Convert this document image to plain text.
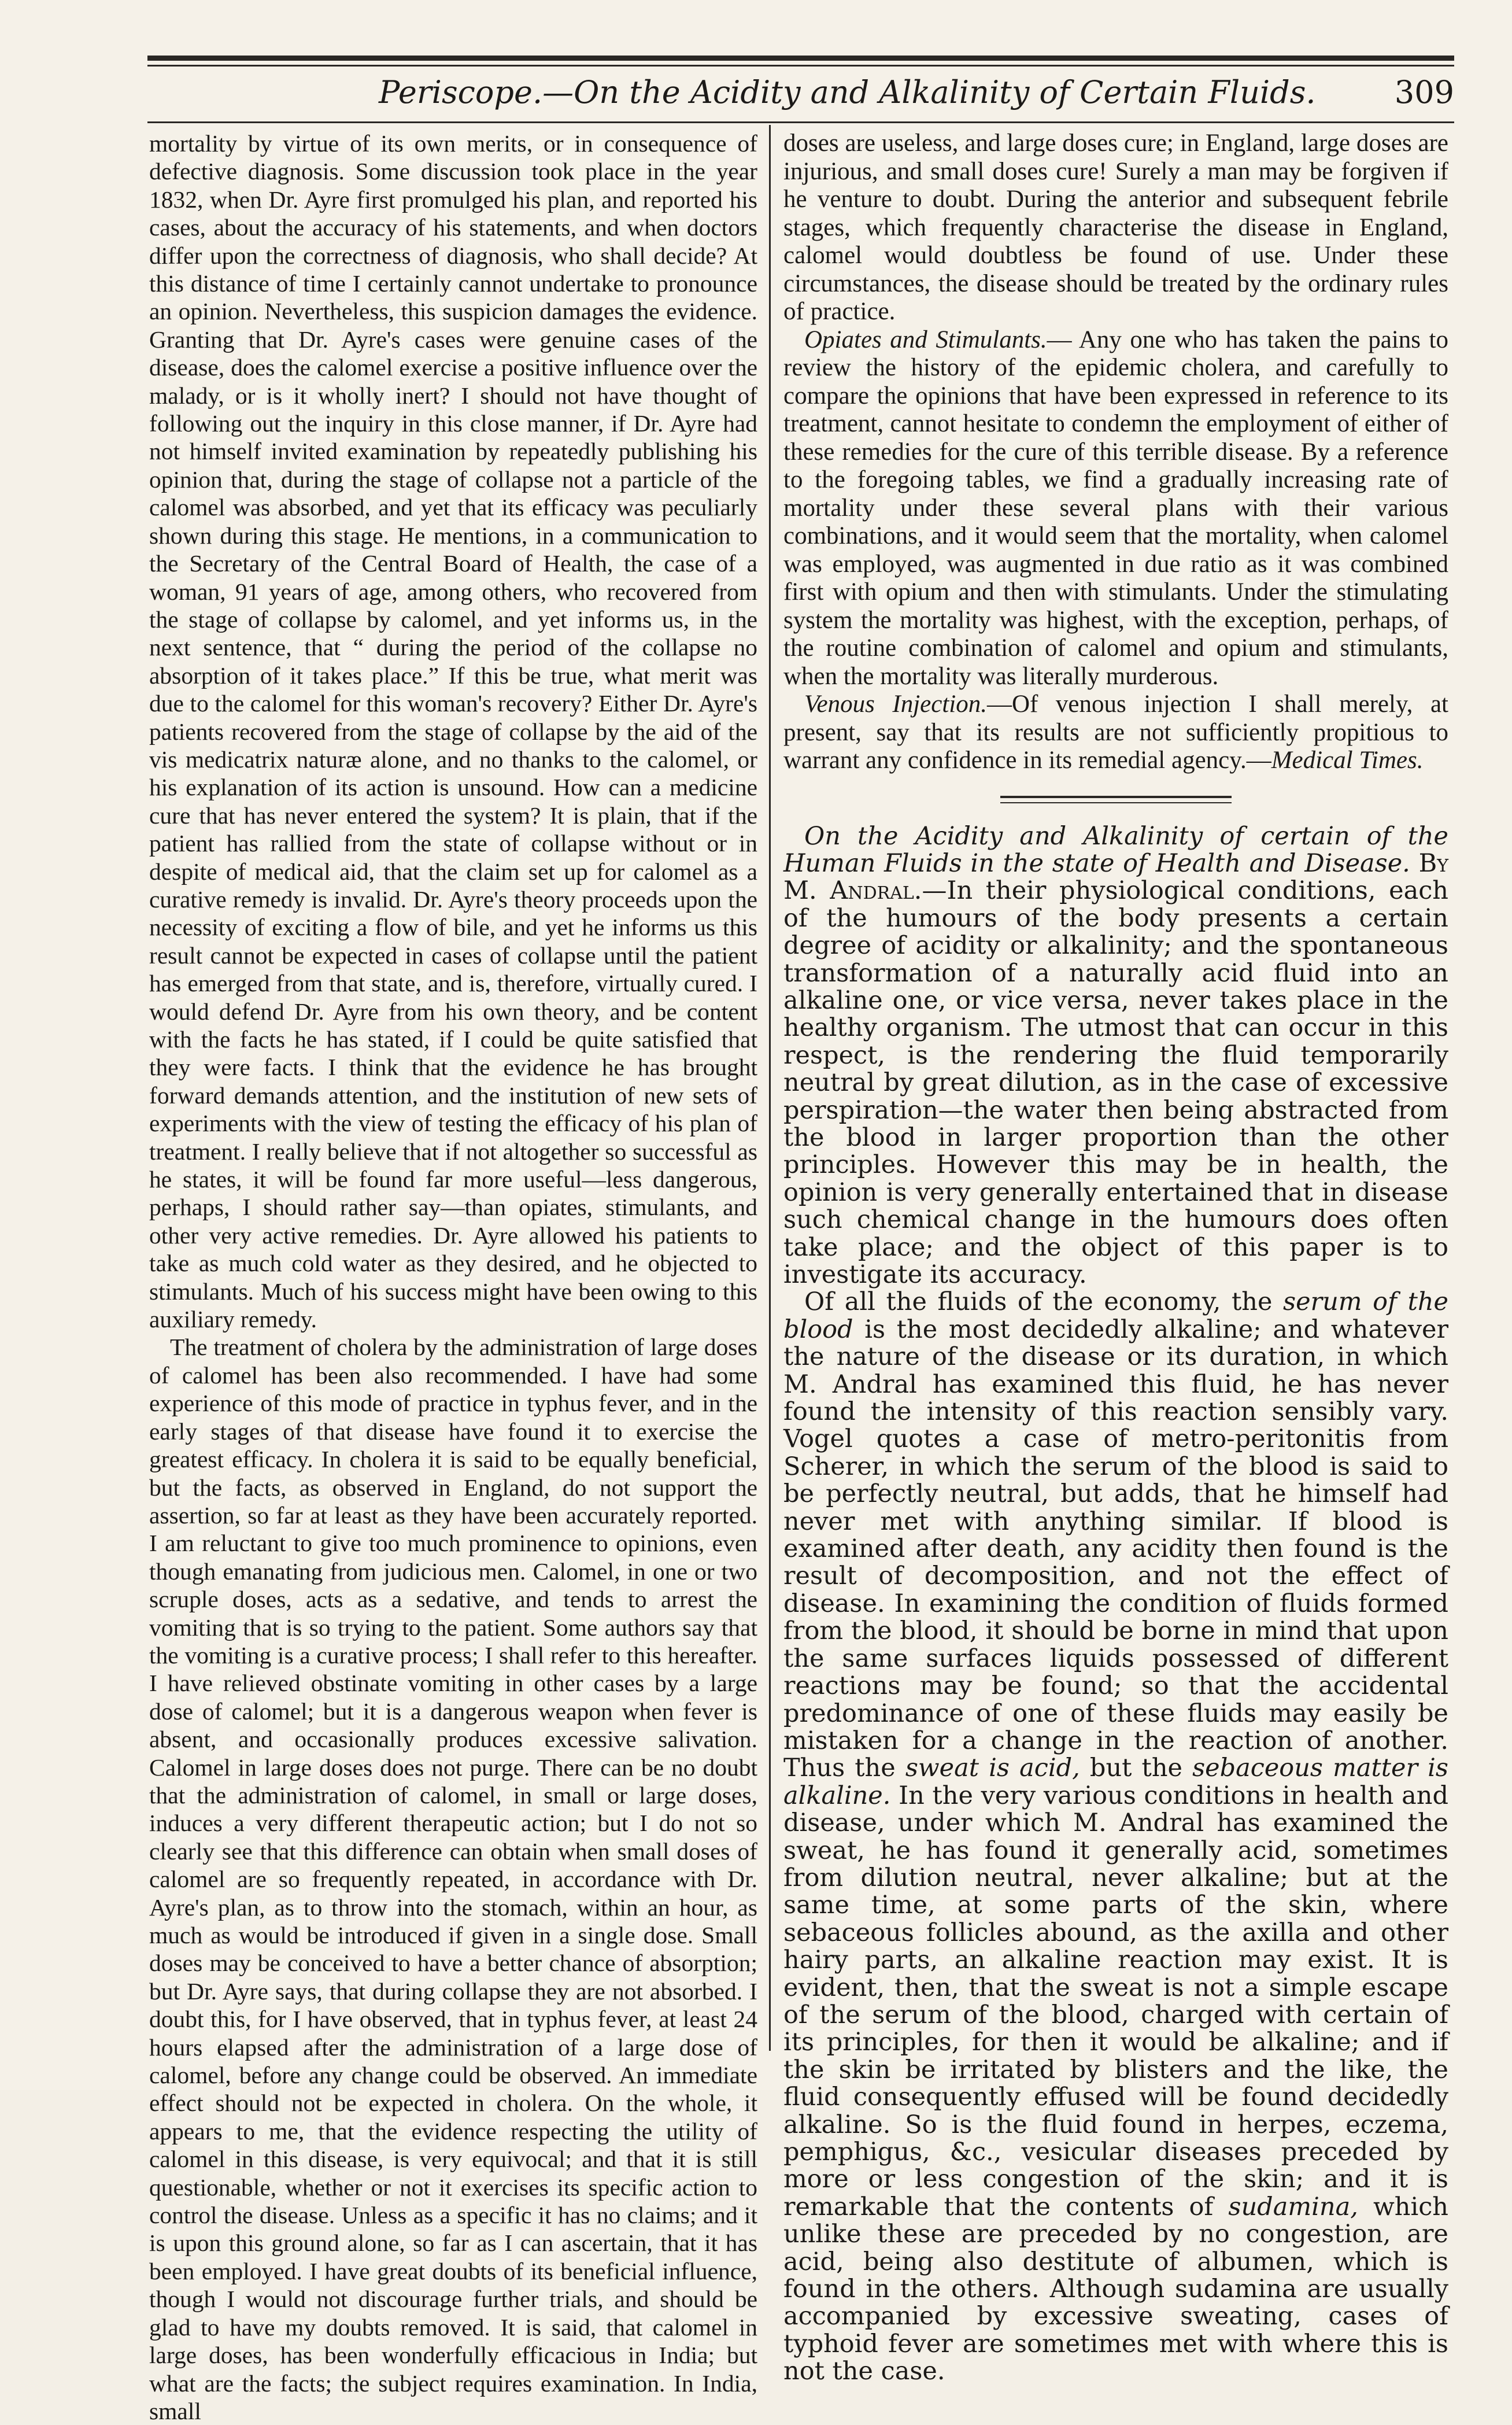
Periscope.—On the Acidity and Alkalinity of Certain Fluids.	309

mortality by virtue of its own merits, or in consequence of defective diagnosis. Some discussion took place in the year 1832, when Dr. Ayre first promulged his plan, and reported his cases, about the accuracy of his statements, and when doctors differ upon the correctness of diagnosis, who shall decide? At this distance of time I certainly cannot undertake to pronounce an opinion. Nevertheless, this suspicion damages the evidence. Granting that Dr. Ayre's cases were genuine cases of the disease, does the calomel exercise a positive influence over the malady, or is it wholly inert? I should not have thought of following out the inquiry in this close manner, if Dr. Ayre had not himself invited examination by repeatedly publishing his opinion that, during the stage of collapse not a particle of the calomel was absorbed, and yet that its efficacy was peculiarly shown during this stage. He mentions, in a communication to the Secretary of the Central Board of Health, the case of a woman, 91 years of age, among others, who recovered from the stage of collapse by calomel, and yet informs us, in the next sentence, that “ during the period of the collapse no absorption of it takes place.” If this be true, what merit was due to the calomel for this woman's recovery? Either Dr. Ayre's patients recovered from the stage of collapse by the aid of the vis medicatrix naturæ alone, and no thanks to the calomel, or his explanation of its action is unsound. How can a medicine cure that has never entered the system? It is plain, that if the patient has rallied from the state of collapse without or in despite of medical aid, that the claim set up for calomel as a curative remedy is invalid. Dr. Ayre's theory proceeds upon the necessity of exciting a flow of bile, and yet he informs us this result cannot be expected in cases of collapse until the patient has emerged from that state, and is, therefore, virtually cured. I would defend Dr. Ayre from his own theory, and be content with the facts he has stated, if I could be quite satisfied that they were facts. I think that the evidence he has brought forward demands attention, and the institution of new sets of experiments with the view of testing the efficacy of his plan of treatment. I really believe that if not altogether so successful as he states, it will be found far more useful—less dangerous, perhaps, I should rather say—than opiates, stimulants, and other very active remedies. Dr. Ayre allowed his patients to take as much cold water as they desired, and he objected to stimulants. Much of his success might have been owing to this auxiliary remedy.

The treatment of cholera by the administration of large doses of calomel has been also recommended. I have had some experience of this mode of practice in typhus fever, and in the early stages of that disease have found it to exercise the greatest efficacy. In cholera it is said to be equally beneficial, but the facts, as observed in England, do not support the assertion, so far at least as they have been accurately reported. I am reluctant to give too much prominence to opinions, even though emanating from judicious men. Calomel, in one or two scruple doses, acts as a sedative, and tends to arrest the vomiting that is so trying to the patient. Some authors say that the vomiting is a curative process; I shall refer to this hereafter. I have relieved obstinate vomiting in other cases by a large dose of calomel; but it is a dangerous weapon when fever is absent, and occasionally produces excessive salivation. Calomel in large doses does not purge. There can be no doubt that the administration of calomel, in small or large doses, induces a very different therapeutic action; but I do not so clearly see that this difference can obtain when small doses of calomel are so frequently repeated, in accordance with Dr. Ayre's plan, as to throw into the stomach, within an hour, as much as would be introduced if given in a single dose. Small doses may be conceived to have a better chance of absorption; but Dr. Ayre says, that during collapse they are not absorbed. I doubt this, for I have observed, that in typhus fever, at least 24 hours elapsed after the administration of a large dose of calomel, before any change could be observed. An immediate effect should not be expected in cholera. On the whole, it appears to me, that the evidence respecting the utility of calomel in this disease, is very equivocal; and that it is still questionable, whether or not it exercises its specific action to control the disease. Unless as a specific it has no claims; and it is upon this ground alone, so far as I can ascertain, that it has been employed. I have great doubts of its beneficial influence, though I would not discourage further trials, and should be glad to have my doubts removed. It is said, that calomel in large doses, has been wonderfully efficacious in India; but what are the facts; the subject requires examination. In India, small

doses are useless, and large doses cure; in England, large doses are injurious, and small doses cure! Surely a man may be forgiven if he venture to doubt. During the anterior and subsequent febrile stages, which frequently characterise the disease in England, calomel would doubtless be found of use. Under these circumstances, the disease should be treated by the ordinary rules of practice.

Opiates and Stimulants.— Any one who has taken the pains to review the history of the epidemic cholera, and carefully to compare the opinions that have been expressed in reference to its treatment, cannot hesitate to condemn the employment of either of these remedies for the cure of this terrible disease. By a reference to the foregoing tables, we find a gradually increasing rate of mortality under these several plans with their various combinations, and it would seem that the mortality, when calomel was employed, was augmented in due ratio as it was combined first with opium and then with stimulants. Under the stimulating system the mortality was highest, with the exception, perhaps, of the routine combination of calomel and opium and stimulants, when the mortality was literally murderous.

Venous Injection.—Of venous injection I shall merely, at present, say that its results are not sufficiently propitious to warrant any confidence in its remedial agency.—Medical Times.

On the Acidity and Alkalinity of certain of the Human Fluids in the state of Health and Disease. By M. Andral.—In their physiological conditions, each of the humours of the body presents a certain degree of acidity or alkalinity; and the spontaneous transformation of a naturally acid fluid into an alkaline one, or vice versa, never takes place in the healthy organism. The utmost that can occur in this respect, is the rendering the fluid temporarily neutral by great dilution, as in the case of excessive perspiration—the water then being abstracted from the blood in larger proportion than the other principles. However this may be in health, the opinion is very generally entertained that in disease such chemical change in the humours does often take place; and the object of this paper is to investigate its accuracy.

Of all the fluids of the economy, the serum of the blood is the most decidedly alkaline; and whatever the nature of the disease or its duration, in which M. Andral has examined this fluid, he has never found the intensity of this reaction sensibly vary. Vogel quotes a case of metro-peritonitis from Scherer, in which the serum of the blood is said to be perfectly neutral, but adds, that he himself had never met with anything similar. If blood is examined after death, any acidity then found is the result of decomposition, and not the effect of disease. In examining the condition of fluids formed from the blood, it should be borne in mind that upon the same surfaces liquids possessed of different reactions may be found; so that the accidental predominance of one of these fluids may easily be mistaken for a change in the reaction of another. Thus the sweat is acid, but the sebaceous matter is alkaline. In the very various conditions in health and disease, under which M. Andral has examined the sweat, he has found it generally acid, sometimes from dilution neutral, never alkaline; but at the same time, at some parts of the skin, where sebaceous follicles abound, as the axilla and other hairy parts, an alkaline reaction may exist. It is evident, then, that the sweat is not a simple escape of the serum of the blood, charged with certain of its principles, for then it would be alkaline; and if the skin be irritated by blisters and the like, the fluid consequently effused will be found decidedly alkaline. So is the fluid found in herpes, eczema, pemphigus, &c., vesicular diseases preceded by more or less congestion of the skin; and it is remarkable that the contents of sudamina, which unlike these are preceded by no congestion, are acid, being also destitute of albumen, which is found in the others. Although sudamina are usually accompanied by excessive sweating, cases of typhoid fever are sometimes met with where this is not the case.
